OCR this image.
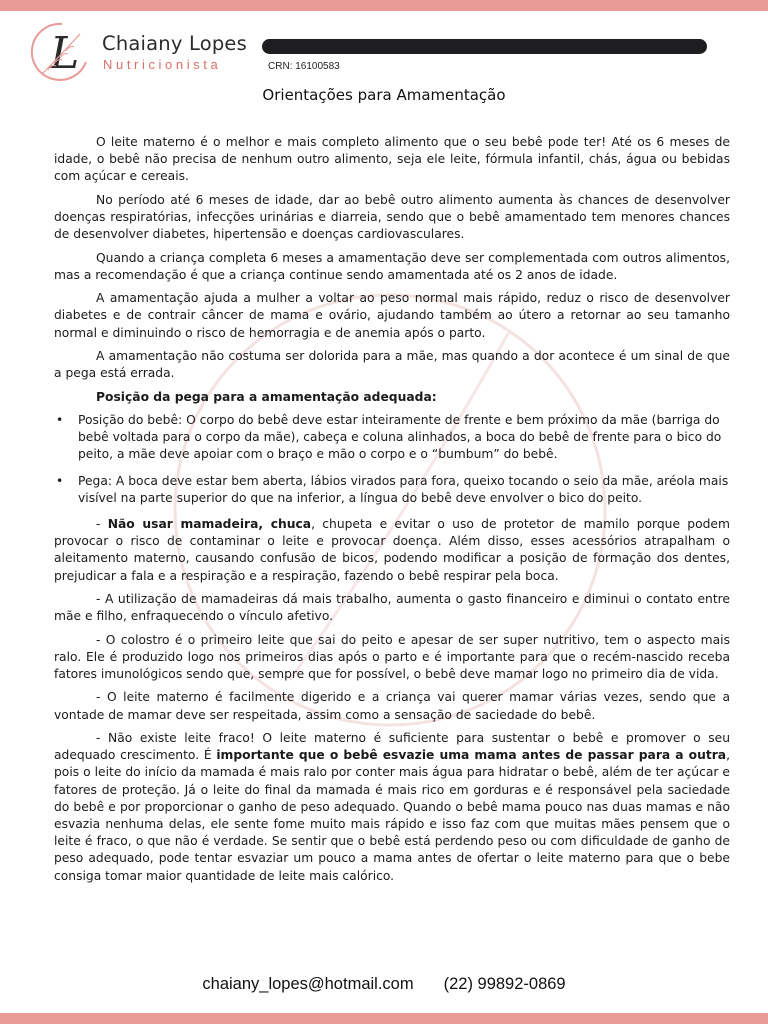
L Chaiany Lopes
Nutricionista	CRN: 16100583
Orientações para Amamentação

O leite materno é o melhor e mais completo alimento que o seu bebê pode ter! Até os 6 meses de idade, o bebê não precisa de nenhum outro alimento, seja ele leite, fórmula infantil, chás, água ou bebidas com açúcar e cereais.

No período até 6 meses de idade, dar ao bebê outro alimento aumenta às chances de desenvolver doenças respiratórias, infecções urinárias e diarreia, sendo que o bebê amamentado tem menores chances de desenvolver diabetes, hipertensão e doenças cardiovasculares.

Quando a criança completa 6 meses a amamentação deve ser complementada com outros alimentos, mas a recomendação é que a criança continue sendo amamentada até os 2 anos de idade.

A amamentação ajuda a mulher a voltar ao peso normal mais rápido, reduz o risco de desenvolver diabetes e de contrair câncer de mama e ovário, ajudando também ao útero a retornar ao seu tamanho normal e diminuindo o risco de hemorragia e de anemia após o parto.

A amamentação não costuma ser dolorida para a mãe, mas quando a dor acontece é um sinal de que a pega está errada.

Posição da pega para a amamentação adequada:

• Posição do bebê: O corpo do bebê deve estar inteiramente de frente e bem próximo da mãe (barriga do bebê voltada para o corpo da mãe), cabeça e coluna alinhados, a boca do bebê de frente para o bico do peito, a mãe deve apoiar com o braço e mão o corpo e o “bumbum” do bebê.
• Pega: A boca deve estar bem aberta, lábios virados para fora, queixo tocando o seio da mãe, aréola mais visível na parte superior do que na inferior, a língua do bebê deve envolver o bico do peito.

- Não usar mamadeira, chuca, chupeta e evitar o uso de protetor de mamilo porque podem provocar o risco de contaminar o leite e provocar doença. Além disso, esses acessórios atrapalham o aleitamento materno, causando confusão de bicos, podendo modificar a posição de formação dos dentes, prejudicar a fala e a respiração e a respiração, fazendo o bebê respirar pela boca.

- A utilização de mamadeiras dá mais trabalho, aumenta o gasto financeiro e diminui o contato entre mãe e filho, enfraquecendo o vínculo afetivo.

- O colostro é o primeiro leite que sai do peito e apesar de ser super nutritivo, tem o aspecto mais ralo. Ele é produzido logo nos primeiros dias após o parto e é importante para que o recém-nascido receba fatores imunológicos sendo que, sempre que for possível, o bebê deve mamar logo no primeiro dia de vida.

- O leite materno é facilmente digerido e a criança vai querer mamar várias vezes, sendo que a vontade de mamar deve ser respeitada, assim como a sensação de saciedade do bebê.

- Não existe leite fraco! O leite materno é suficiente para sustentar o bebê e promover o seu adequado crescimento. É importante que o bebê esvazie uma mama antes de passar para a outra, pois o leite do início da mamada é mais ralo por conter mais água para hidratar o bebê, além de ter açúcar e fatores de proteção. Já o leite do final da mamada é mais rico em gorduras e é responsável pela saciedade do bebê e por proporcionar o ganho de peso adequado. Quando o bebê mama pouco nas duas mamas e não esvazia nenhuma delas, ele sente fome muito mais rápido e isso faz com que muitas mães pensem que o leite é fraco, o que não é verdade. Se sentir que o bebê está perdendo peso ou com dificuldade de ganho de peso adequado, pode tentar esvaziar um pouco a mama antes de ofertar o leite materno para que o bebe consiga tomar maior quantidade de leite mais calórico.

chaiany_lopes@hotmail.com (22) 99892-0869
